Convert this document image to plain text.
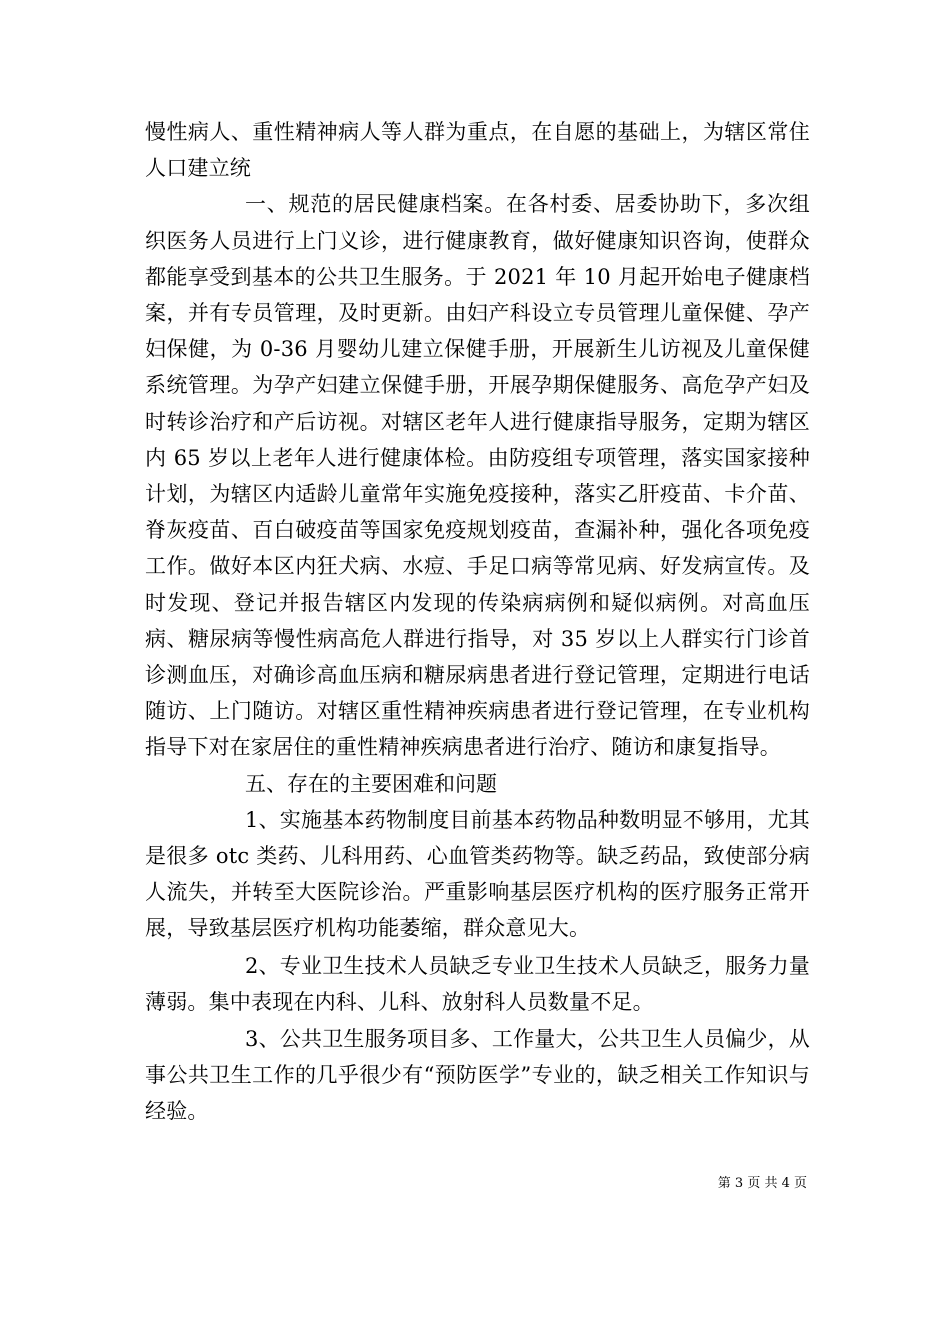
慢性病人、重性精神病人等人群为重点，在自愿的基础上，为辖区常住人口建立统

一、规范的居民健康档案。在各村委、居委协助下，多次组织医务人员进行上门义诊，进行健康教育，做好健康知识咨询，使群众都能享受到基本的公共卫生服务。于 2021 年 10 月起开始电子健康档案，并有专员管理，及时更新。由妇产科设立专员管理儿童保健、孕产妇保健，为 0-36 月婴幼儿建立保健手册，开展新生儿访视及儿童保健系统管理。为孕产妇建立保健手册，开展孕期保健服务、高危孕产妇及时转诊治疗和产后访视。对辖区老年人进行健康指导服务，定期为辖区内 65 岁以上老年人进行健康体检。由防疫组专项管理，落实国家接种计划，为辖区内适龄儿童常年实施免疫接种，落实乙肝疫苗、卡介苗、脊灰疫苗、百白破疫苗等国家免疫规划疫苗，查漏补种，强化各项免疫工作。做好本区内狂犬病、水痘、手足口病等常见病、好发病宣传。及时发现、登记并报告辖区内发现的传染病病例和疑似病例。对高血压病、糖尿病等慢性病高危人群进行指导，对 35 岁以上人群实行门诊首诊测血压，对确诊高血压病和糖尿病患者进行登记管理，定期进行电话随访、上门随访。对辖区重性精神疾病患者进行登记管理，在专业机构指导下对在家居住的重性精神疾病患者进行治疗、随访和康复指导。

五、存在的主要困难和问题

1、实施基本药物制度目前基本药物品种数明显不够用，尤其是很多 otc 类药、儿科用药、心血管类药物等。缺乏药品，致使部分病人流失，并转至大医院诊治。严重影响基层医疗机构的医疗服务正常开展，导致基层医疗机构功能萎缩，群众意见大。

2、专业卫生技术人员缺乏专业卫生技术人员缺乏，服务力量薄弱。集中表现在内科、儿科、放射科人员数量不足。

3、公共卫生服务项目多、工作量大，公共卫生人员偏少，从事公共卫生工作的几乎很少有“预防医学”专业的，缺乏相关工作知识与经验。

第 3 页 共 4 页
